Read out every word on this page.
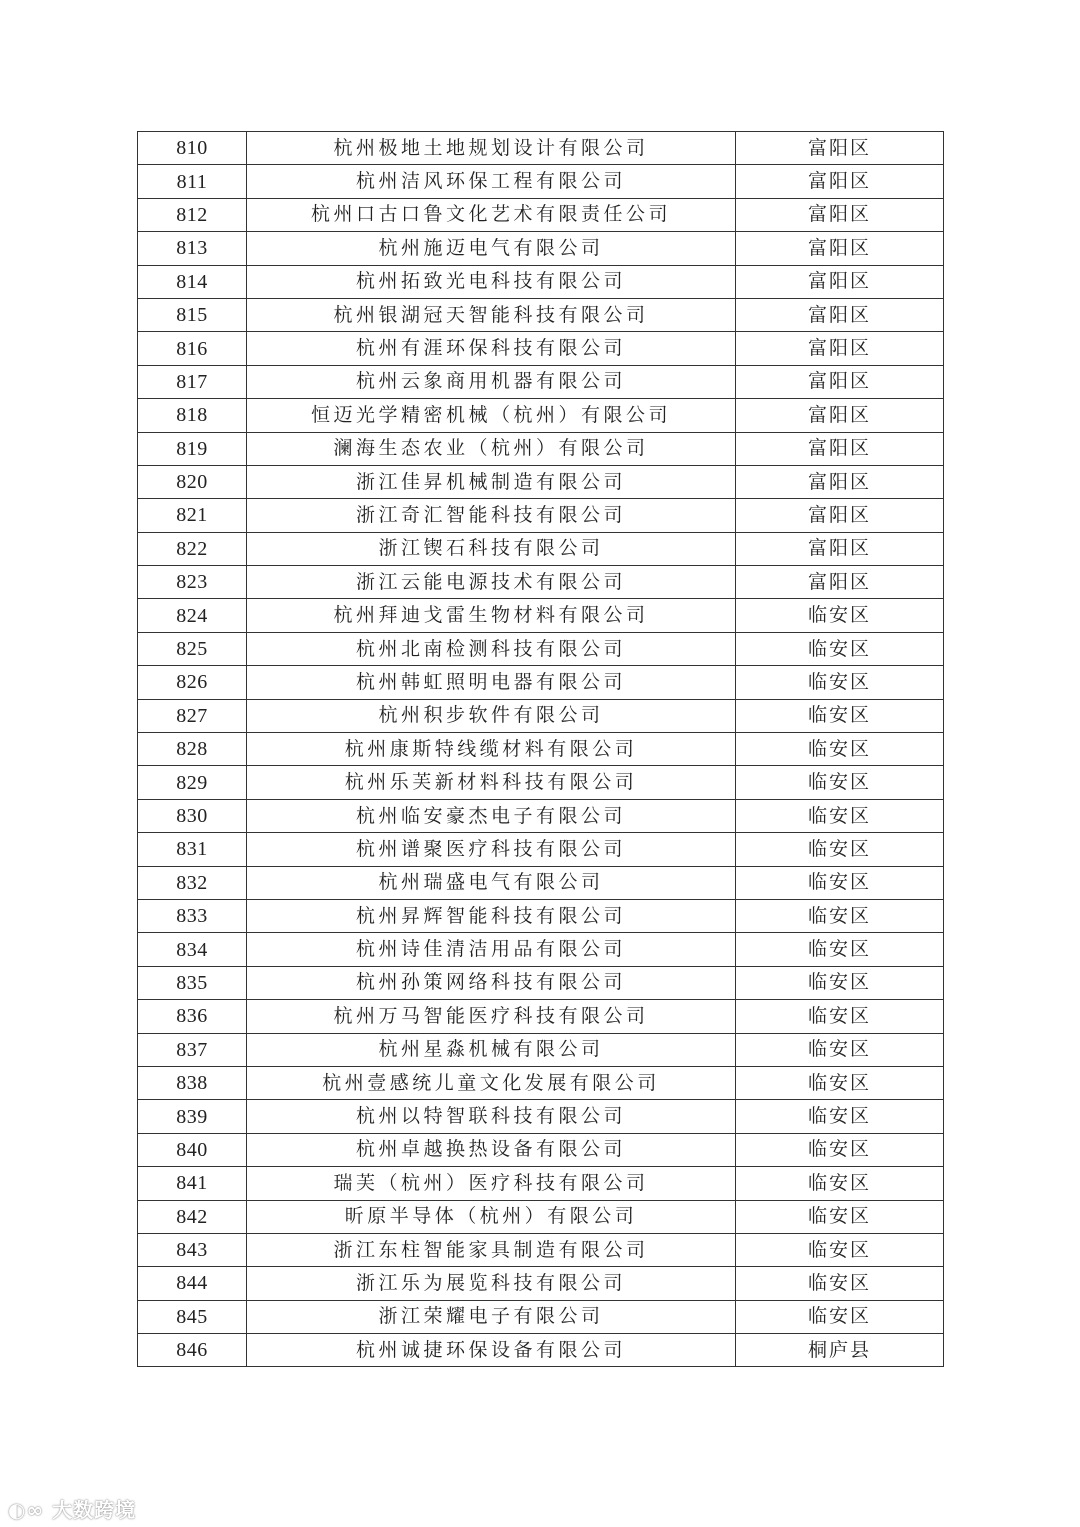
810	杭州极地土地规划设计有限公司	富阳区
811	杭州洁风环保工程有限公司	富阳区
812	杭州口古口鲁文化艺术有限责任公司	富阳区
813	杭州施迈电气有限公司	富阳区
814	杭州拓致光电科技有限公司	富阳区
815	杭州银湖冠天智能科技有限公司	富阳区
816	杭州有涯环保科技有限公司	富阳区
817	杭州云象商用机器有限公司	富阳区
818	恒迈光学精密机械（杭州）有限公司	富阳区
819	澜海生态农业（杭州）有限公司	富阳区
820	浙江佳昇机械制造有限公司	富阳区
821	浙江奇汇智能科技有限公司	富阳区
822	浙江锲石科技有限公司	富阳区
823	浙江云能电源技术有限公司	富阳区
824	杭州拜迪戈雷生物材料有限公司	临安区
825	杭州北南检测科技有限公司	临安区
826	杭州韩虹照明电器有限公司	临安区
827	杭州积步软件有限公司	临安区
828	杭州康斯特线缆材料有限公司	临安区
829	杭州乐芙新材料科技有限公司	临安区
830	杭州临安豪杰电子有限公司	临安区
831	杭州谱聚医疗科技有限公司	临安区
832	杭州瑞盛电气有限公司	临安区
833	杭州昇辉智能科技有限公司	临安区
834	杭州诗佳清洁用品有限公司	临安区
835	杭州孙策网络科技有限公司	临安区
836	杭州万马智能医疗科技有限公司	临安区
837	杭州星淼机械有限公司	临安区
838	杭州壹感统儿童文化发展有限公司	临安区
839	杭州以特智联科技有限公司	临安区
840	杭州卓越换热设备有限公司	临安区
841	瑞芙（杭州）医疗科技有限公司	临安区
842	昕原半导体（杭州）有限公司	临安区
843	浙江东柱智能家具制造有限公司	临安区
844	浙江乐为展览科技有限公司	临安区
845	浙江荣耀电子有限公司	临安区
846	杭州诚捷环保设备有限公司	桐庐县
◐∞ 大数跨境
